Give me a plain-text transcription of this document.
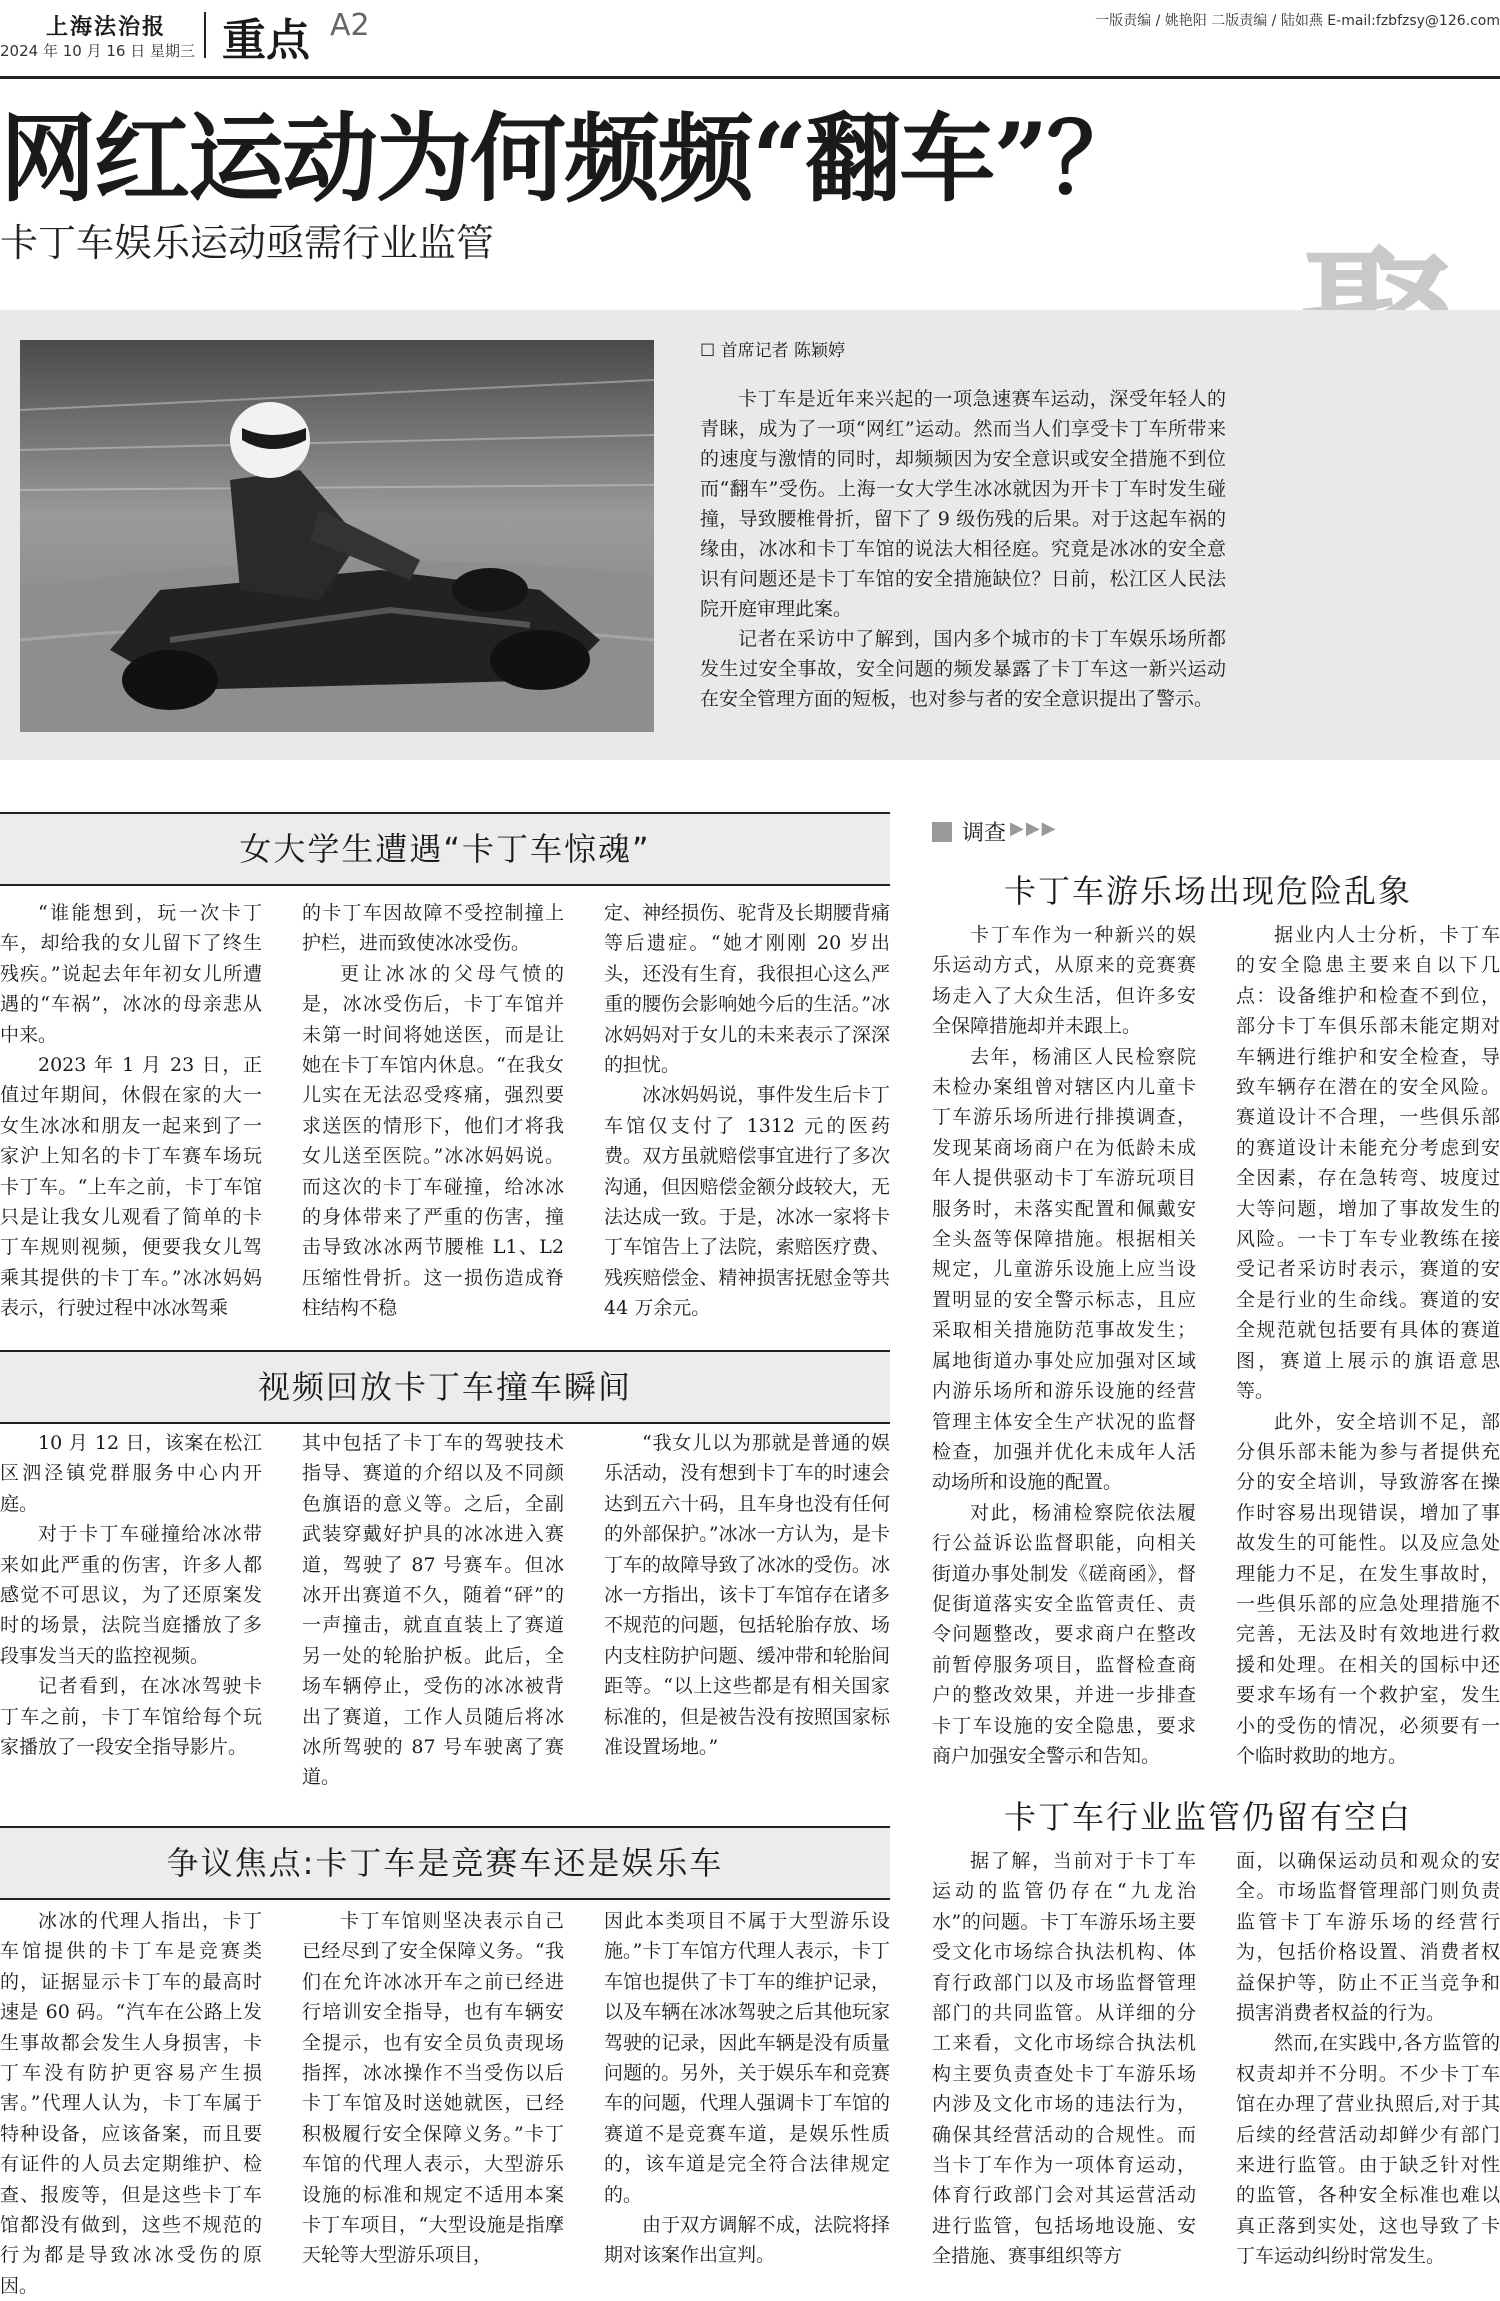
上海法治报
2024 年 10 月 16 日 星期三 重点 A2	一版责编 / 姚艳阳 二版责编 / 陆如燕 E-mail:fzbfzsy@126.com
网红运动为何频频“翻车”？
卡丁车娱乐运动亟需行业监管
☐ 首席记者 陈颖婷

卡丁车是近年来兴起的一项急速赛车运动，深受年轻人的青睐，成为了一项“网红”运动。然而当人们享受卡丁车所带来的速度与激情的同时，却频频因为安全意识或安全措施不到位而“翻车”受伤。上海一女大学生冰冰就因为开卡丁车时发生碰撞，导致腰椎骨折，留下了 9 级伤残的后果。对于这起车祸的缘由，冰冰和卡丁车馆的说法大相径庭。究竟是冰冰的安全意识有问题还是卡丁车馆的安全措施缺位？日前，松江区人民法院开庭审理此案。

记者在采访中了解到，国内多个城市的卡丁车娱乐场所都发生过安全事故，安全问题的频发暴露了卡丁车这一新兴运动在安全管理方面的短板，也对参与者的安全意识提出了警示。

女大学生遭遇“卡丁车惊魂”

“谁能想到，玩一次卡丁车，却给我的女儿留下了终生残疾。”说起去年年初女儿所遭遇的“车祸”，冰冰的母亲悲从中来。

2023 年 1 月 23 日，正值过年期间，休假在家的大一女生冰冰和朋友一起来到了一家沪上知名的卡丁车赛车场玩卡丁车。“上车之前，卡丁车馆只是让我女儿观看了简单的卡丁车规则视频，便要我女儿驾乘其提供的卡丁车。”冰冰妈妈表示，行驶过程中冰冰驾乘

的卡丁车因故障不受控制撞上护栏，进而致使冰冰受伤。

更让冰冰的父母气愤的是，冰冰受伤后，卡丁车馆并未第一时间将她送医，而是让她在卡丁车馆内休息。“在我女儿实在无法忍受疼痛，强烈要求送医的情形下，他们才将我女儿送至医院。”冰冰妈妈说。而这次的卡丁车碰撞，给冰冰的身体带来了严重的伤害，撞击导致冰冰两节腰椎 L1、L2 压缩性骨折。这一损伤造成脊柱结构不稳

定、神经损伤、驼背及长期腰背痛等后遗症。“她才刚刚 20 岁出头，还没有生育，我很担心这么严重的腰伤会影响她今后的生活。”冰冰妈妈对于女儿的未来表示了深深的担忧。

冰冰妈妈说，事件发生后卡丁车馆仅支付了 1312 元的医药费。双方虽就赔偿事宜进行了多次沟通，但因赔偿金额分歧较大，无法达成一致。于是，冰冰一家将卡丁车馆告上了法院，索赔医疗费、残疾赔偿金、精神损害抚慰金等共 44 万余元。

视频回放卡丁车撞车瞬间

10 月 12 日，该案在松江区泗泾镇党群服务中心内开庭。

对于卡丁车碰撞给冰冰带来如此严重的伤害，许多人都感觉不可思议，为了还原案发时的场景，法院当庭播放了多段事发当天的监控视频。

记者看到，在冰冰驾驶卡丁车之前，卡丁车馆给每个玩家播放了一段安全指导影片。

其中包括了卡丁车的驾驶技术指导、赛道的介绍以及不同颜色旗语的意义等。之后，全副武装穿戴好护具的冰冰进入赛道，驾驶了 87 号赛车。但冰冰开出赛道不久，随着“砰”的一声撞击，就直直装上了赛道另一处的轮胎护板。此后，全场车辆停止，受伤的冰冰被背出了赛道，工作人员随后将冰冰所驾驶的 87 号车驶离了赛道。

“我女儿以为那就是普通的娱乐活动，没有想到卡丁车的时速会达到五六十码，且车身也没有任何的外部保护。”冰冰一方认为，是卡丁车的故障导致了冰冰的受伤。冰冰一方指出，该卡丁车馆存在诸多不规范的问题，包括轮胎存放、场内支柱防护问题、缓冲带和轮胎间距等。“以上这些都是有相关国家标准的，但是被告没有按照国家标准设置场地。”

争议焦点:卡丁车是竞赛车还是娱乐车

冰冰的代理人指出，卡丁车馆提供的卡丁车是竞赛类的，证据显示卡丁车的最高时速是 60 码。“汽车在公路上发生事故都会发生人身损害，卡丁车没有防护更容易产生损害。”代理人认为，卡丁车属于特种设备，应该备案，而且要有证件的人员去定期维护、检查、报废等，但是这些卡丁车馆都没有做到，这些不规范的行为都是导致冰冰受伤的原因。

卡丁车馆则坚决表示自己已经尽到了安全保障义务。“我们在允许冰冰开车之前已经进行培训安全指导，也有车辆安全提示，也有安全员负责现场指挥，冰冰操作不当受伤以后卡丁车馆及时送她就医，已经积极履行安全保障义务。”卡丁车馆的代理人表示，大型游乐设施的标准和规定不适用本案卡丁车项目，“大型设施是指摩天轮等大型游乐项目，

因此本类项目不属于大型游乐设施。”卡丁车馆方代理人表示，卡丁车馆也提供了卡丁车的维护记录，以及车辆在冰冰驾驶之后其他玩家驾驶的记录，因此车辆是没有质量问题的。另外，关于娱乐车和竞赛车的问题，代理人强调卡丁车馆的赛道不是竞赛车道，是娱乐性质的，该车道是完全符合法律规定的。

由于双方调解不成，法院将择期对该案作出宣判。

调查 ▶▶▶
卡丁车游乐场出现危险乱象

卡丁车作为一种新兴的娱乐运动方式，从原来的竞赛赛场走入了大众生活，但许多安全保障措施却并未跟上。

去年，杨浦区人民检察院未检办案组曾对辖区内儿童卡丁车游乐场所进行排摸调查，发现某商场商户在为低龄未成年人提供驱动卡丁车游玩项目服务时，未落实配置和佩戴安全头盔等保障措施。根据相关规定，儿童游乐设施上应当设置明显的安全警示标志，且应采取相关措施防范事故发生；属地街道办事处应加强对区域内游乐场所和游乐设施的经营管理主体安全生产状况的监督检查，加强并优化未成年人活动场所和设施的配置。

对此，杨浦检察院依法履行公益诉讼监督职能，向相关街道办事处制发《磋商函》，督促街道落实安全监管责任、责令问题整改，要求商户在整改前暂停服务项目，监督检查商户的整改效果，并进一步排查卡丁车设施的安全隐患，要求商户加强安全警示和告知。

据业内人士分析，卡丁车的安全隐患主要来自以下几点：设备维护和检查不到位，部分卡丁车俱乐部未能定期对车辆进行维护和安全检查，导致车辆存在潜在的安全风险。赛道设计不合理，一些俱乐部的赛道设计未能充分考虑到安全因素，存在急转弯、坡度过大等问题，增加了事故发生的风险。一卡丁车专业教练在接受记者采访时表示，赛道的安全是行业的生命线。赛道的安全规范就包括要有具体的赛道图，赛道上展示的旗语意思等。

此外，安全培训不足，部分俱乐部未能为参与者提供充分的安全培训，导致游客在操作时容易出现错误，增加了事故发生的可能性。以及应急处理能力不足，在发生事故时，一些俱乐部的应急处理措施不完善，无法及时有效地进行救援和处理。在相关的国标中还要求车场有一个救护室，发生小的受伤的情况，必须要有一个临时救助的地方。

卡丁车行业监管仍留有空白

据了解，当前对于卡丁车运动的监管仍存在“九龙治水”的问题。卡丁车游乐场主要受文化市场综合执法机构、体育行政部门以及市场监督管理部门的共同监管。从详细的分工来看，文化市场综合执法机构主要负责查处卡丁车游乐场内涉及文化市场的违法行为，确保其经营活动的合规性。而当卡丁车作为一项体育运动，体育行政部门会对其运营活动进行监管，包括场地设施、安全措施、赛事组织等方

面，以确保运动员和观众的安全。市场监督管理部门则负责监管卡丁车游乐场的经营行为，包括价格设置、消费者权益保护等，防止不正当竞争和损害消费者权益的行为。

然而,在实践中,各方监管的权责却并不分明。不少卡丁车馆在办理了营业执照后,对于其后续的经营活动却鲜少有部门来进行监管。由于缺乏针对性的监管，各种安全标准也难以真正落到实处，这也导致了卡丁车运动纠纷时常发生。
